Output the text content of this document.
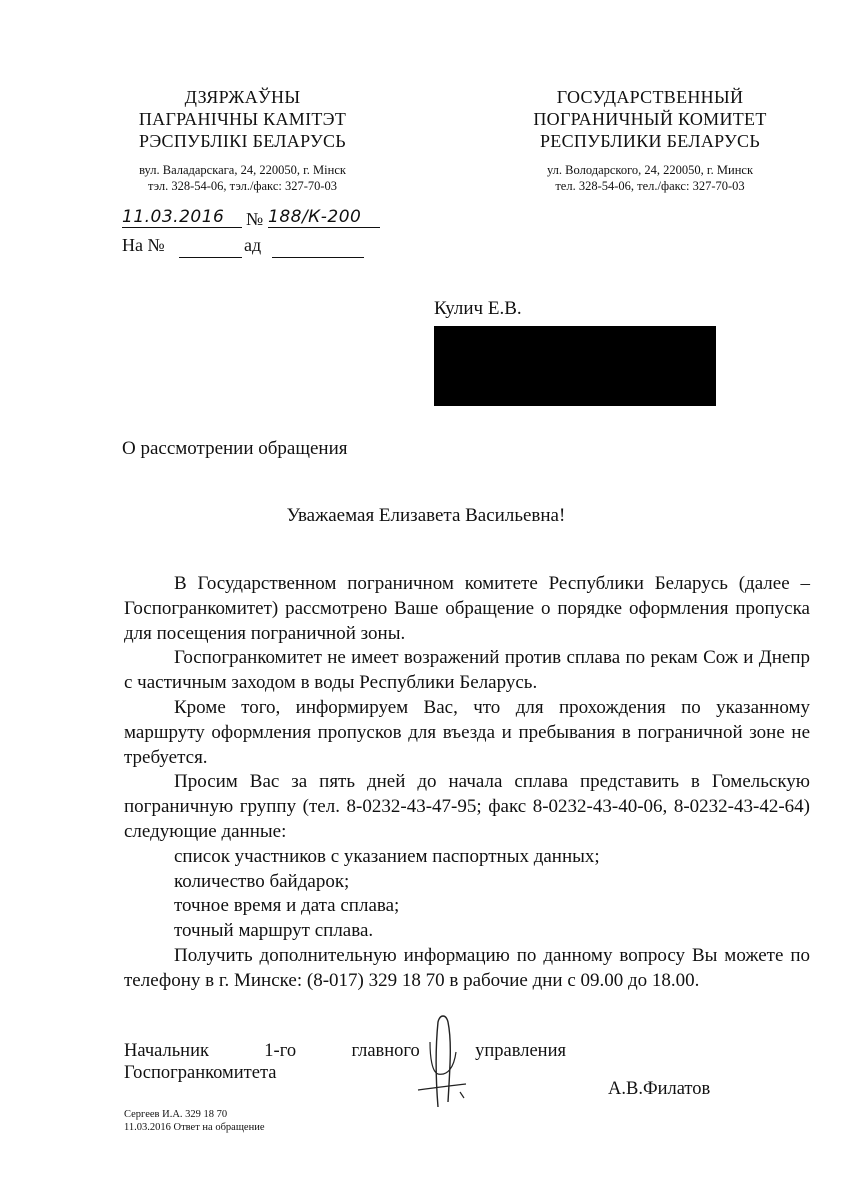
ДЗЯРЖАЎНЫ
ПАГРАНІЧНЫ КАМІТЭТ
РЭСПУБЛІКІ БЕЛАРУСЬ
вул. Валадарскага, 24, 220050, г. Мінск
тэл. 328-54-06, тэл./факс: 327-70-03
ГОСУДАРСТВЕННЫЙ
ПОГРАНИЧНЫЙ КОМИТЕТ
РЕСПУБЛИКИ БЕЛАРУСЬ
ул. Володарского, 24, 220050, г. Минск
тел. 328-54-06, тел./факс: 327-70-03
11.03.2016	№ 188/К-200
На №	ад
Кулич Е.В.
О рассмотрении обращения
Уважаемая Елизавета Васильевна!

В Государственном пограничном комитете Республики Беларусь (далее – Госпогранкомитет) рассмотрено Ваше обращение о порядке оформления пропуска для посещения пограничной зоны.

Госпогранкомитет не имеет возражений против сплава по рекам Сож и Днепр с частичным заходом в воды Республики Беларусь.

Кроме того, информируем Вас, что для прохождения по указанному маршруту оформления пропусков для въезда и пребывания в пограничной зоне не требуется.

Просим Вас за пять дней до начала сплава представить в Гомельскую пограничную группу (тел. 8-0232-43-47-95; факс 8-0232-43-40-06, 8-0232-43-42-64) следующие данные:

список участников с указанием паспортных данных;

количество байдарок;

точное время и дата сплава;

точный маршрут сплава.

Получить дополнительную информацию по данному вопросу Вы можете по телефону в г. Минске: (8-017) 329 18 70 в рабочие дни с 09.00 до 18.00.

Начальник 1-го главного управления
Госпогранкомитета
А.В.Филатов
Сергеев И.А. 329 18 70
11.03.2016 Ответ на обращение
